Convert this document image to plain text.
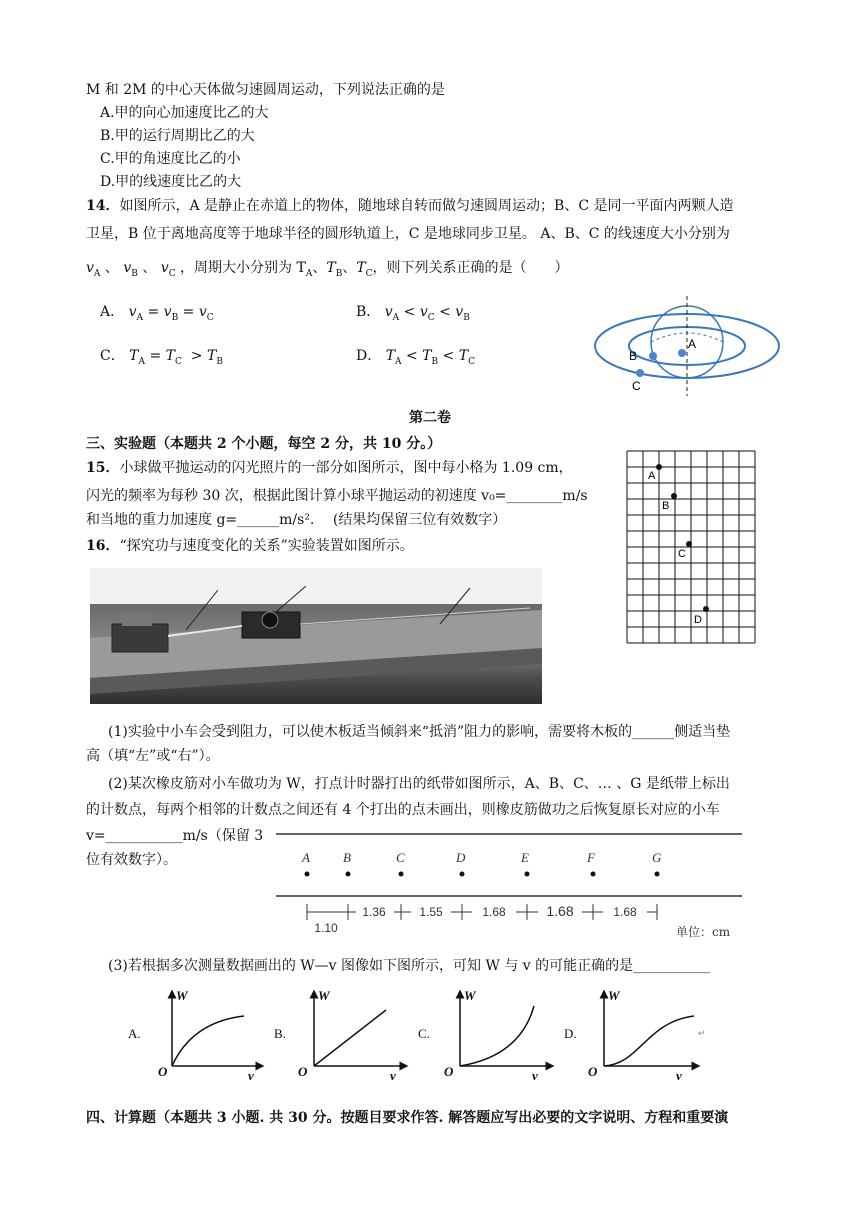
M 和 2M 的中心天体做匀速圆周运动，下列说法正确的是
A.甲的向心加速度比乙的大
B.甲的运行周期比乙的大
C.甲的角速度比乙的小
D.甲的线速度比乙的大
14．如图所示，A 是静止在赤道上的物体，随地球自转而做匀速圆周运动；B、C 是同一平面内两颗人造
卫星，B 位于离地高度等于地球半径的圆形轨道上，C 是地球同步卫星。 A、B、C 的线速度大小分别为
$v_A$ 、 $v_B$ 、 $v_C$ ，周期大小分别为 $T_A$、$T_B$、$T_C$，则下列关系正确的是（　　）
A． $v_A = v_B = v_C$	B． $v_A < v_C < v_B$
C． $T_A = T_C > T_B$	D． $T_A < T_B < T_C$
A
B
C
第二卷
三、实验题（本题共 2 个小题，每空 2 分，共 10 分。）
15．小球做平抛运动的闪光照片的一部分如图所示，图中每小格为 1.09 cm，
闪光的频率为每秒 30 次，根据此图计算小球平抛运动的初速度 v₀=________m/s
和当地的重力加速度 g=______m/s².　 (结果均保留三位有效数字）
A
B
C
D
16．“探究功与速度变化的关系”实验装置如图所示。
(1)实验中小车会受到阻力，可以使木板适当倾斜来“抵消”阻力的影响，需要将木板的______侧适当垫
高（填“左”或“右”）。
(2)某次橡皮筋对小车做功为 W，打点计时器打出的纸带如图所示，A、B、C、… 、G 是纸带上标出
的计数点，每两个相邻的计数点之间还有 4 个打出的点未画出，则橡皮筋做功之后恢复原长对应的小车
v=___________m/s（保留 3
位有效数字）。	A	B	C	D	E	F	G
1.10
1.36	1.55	1.68	1.68	1.68
单位：cm
(3)若根据多次测量数据画出的 W—v 图像如下图所示，可知 W 与 v 的可能正确的是___________
A.
W
v
O
B.
W
v
O
C.
W
v
O
D.
W
v
O
↵
四、计算题（本题共 3 小题. 共 30 分。按题目要求作答. 解答题应写出必要的文字说明、方程和重要演
